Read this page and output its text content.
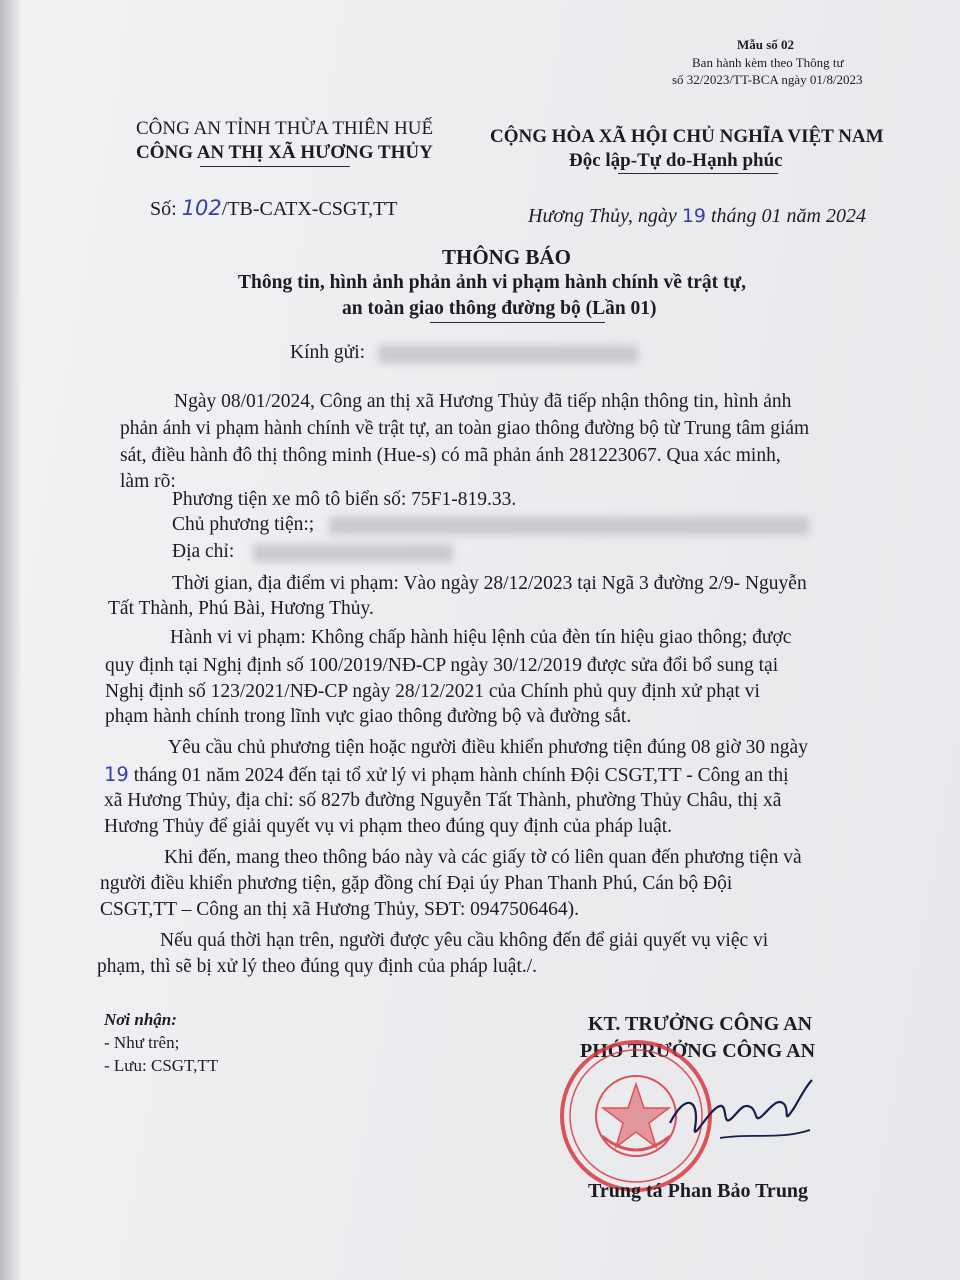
Mẫu số 02
Ban hành kèm theo Thông tư
số 32/2023/TT-BCA ngày 01/8/2023
CÔNG AN TỈNH THỪA THIÊN HUẾ
CÔNG AN THỊ XÃ HƯƠNG THỦY
CỘNG HÒA XÃ HỘI CHỦ NGHĨA VIỆT NAM
Độc lập-Tự do-Hạnh phúc
Số: 102/TB-CATX-CSGT,TT	Hương Thủy, ngày 19 tháng 01 năm 2024
THÔNG BÁO
Thông tin, hình ảnh phản ảnh vi phạm hành chính về trật tự,
an toàn giao thông đường bộ (Lần 01)
Kính gửi:
Ngày 08/01/2024, Công an thị xã Hương Thủy đã tiếp nhận thông tin, hình ảnh
phản ánh vi phạm hành chính về trật tự, an toàn giao thông đường bộ từ Trung tâm giám
sát, điều hành đô thị thông minh (Hue-s) có mã phản ánh 281223067. Qua xác minh,
làm rõ:
Phương tiện xe mô tô biển số: 75F1-819.33.
Chủ phương tiện:;
Địa chỉ:
Thời gian, địa điểm vi phạm: Vào ngày 28/12/2023 tại Ngã 3 đường 2/9- Nguyễn
Tất Thành, Phú Bài, Hương Thủy.
Hành vi vi phạm: Không chấp hành hiệu lệnh của đèn tín hiệu giao thông; được
quy định tại Nghị định số 100/2019/NĐ-CP ngày 30/12/2019 được sửa đổi bổ sung tại
Nghị định số 123/2021/NĐ-CP ngày 28/12/2021 của Chính phủ quy định xử phạt vi
phạm hành chính trong lĩnh vực giao thông đường bộ và đường sắt.
Yêu cầu chủ phương tiện hoặc người điều khiển phương tiện đúng 08 giờ 30 ngày
19 tháng 01 năm 2024 đến tại tổ xử lý vi phạm hành chính Đội CSGT,TT - Công an thị
xã Hương Thủy, địa chỉ: số 827b đường Nguyễn Tất Thành, phường Thủy Châu, thị xã
Hương Thủy để giải quyết vụ vi phạm theo đúng quy định của pháp luật.
Khi đến, mang theo thông báo này và các giấy tờ có liên quan đến phương tiện và
người điều khiển phương tiện, gặp đồng chí Đại úy Phan Thanh Phú, Cán bộ Đội
CSGT,TT – Công an thị xã Hương Thủy, SĐT: 0947506464).
Nếu quá thời hạn trên, người được yêu cầu không đến để giải quyết vụ việc vi
phạm, thì sẽ bị xử lý theo đúng quy định của pháp luật./.
Nơi nhận:
- Như trên;
- Lưu: CSGT,TT
KT. TRƯỞNG CÔNG AN
PHÓ TRƯỞNG CÔNG AN
Trung tá Phan Bảo Trung
